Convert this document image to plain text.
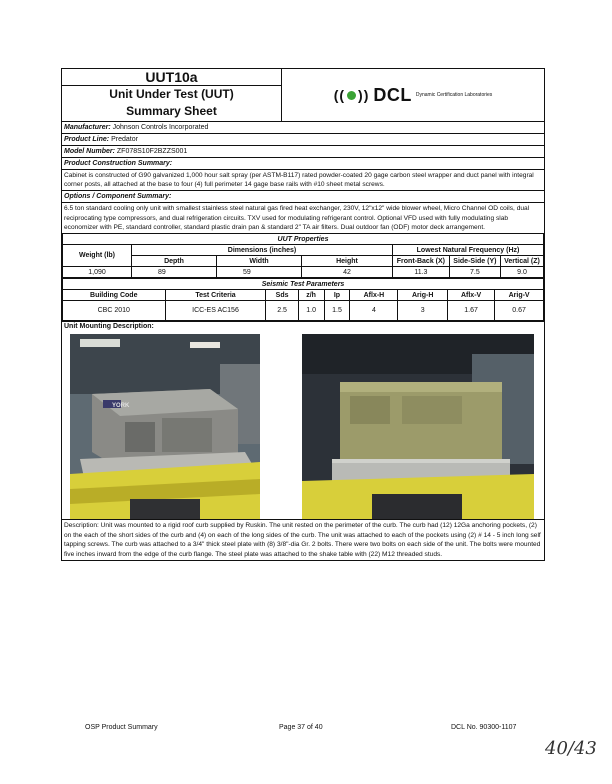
UUT10a
Unit Under Test (UUT)
Summary Sheet
(( )) DCL Dynamic Certification Laboratories
Manufacturer: Johnson Controls Incorporated
Product Line: Predator
Model Number: ZF078S10F2BZZS001
Product Construction Summary:
Cabinet is constructed of G90 galvanized 1,000 hour salt spray (per ASTM-B117) rated powder-coated 20 gage carbon steel wrapper and duct panel with integral corner posts, all attached at the base to four (4) full perimeter 14 gage base rails with #10 sheet metal screws.
Options / Component Summary:
6.5 ton standard cooling only unit with smallest stainless steel natural gas fired heat exchanger, 230V, 12"x12" wide blower wheel, Micro Channel OD coils, dual reciprocating type compressors, and dual refrigeration circuits. TXV used for modulating refrigerant control. Optional VFD used with fully modulating slab economizer with PE, standard controller, standard plastic drain pan & standard 2" TA air filters. Dual outdoor fan (ODF) motor deck arrangement.
UUT Properties						
Weight (lb)	Dimensions (inches)			Lowest Natural Frequency (Hz)		
	Depth	Width	Height	Front-Back (X)	Side-Side (Y)	Vertical (Z)
1,090	89	59	42	11.3	7.5	9.0
Seismic Test Parameters								
Building Code	Test Criteria	Sds	z/h	Ip	Aflx-H	Arig-H	Aflx-V	Arig-V
CBC 2010	ICC-ES AC156	2.5	1.0	1.5	4	3	1.67	0.67
Unit Mounting Description:
YORK
Description: Unit was mounted to a rigid roof curb supplied by Ruskin. The unit rested on the perimeter of the curb. The curb had (12) 12Ga anchoring pockets, (2) on the each of the short sides of the curb and (4) on each of the long sides of the curb. The unit was attached to each of the pockets using (2) # 14 - 5 inch long self tapping screws. The curb was attached to a 3/4" thick steel plate with (8) 3/8"-dia Gr. 2 bolts. There were two bolts on each side of the unit. The bolts were mounted five inches inward from the edge of the curb flange. The steel plate was attached to the shake table with (22) M12 threaded studs.
OSP Product Summary	Page 37 of 40	DCL No. 90300-1107
40/43
